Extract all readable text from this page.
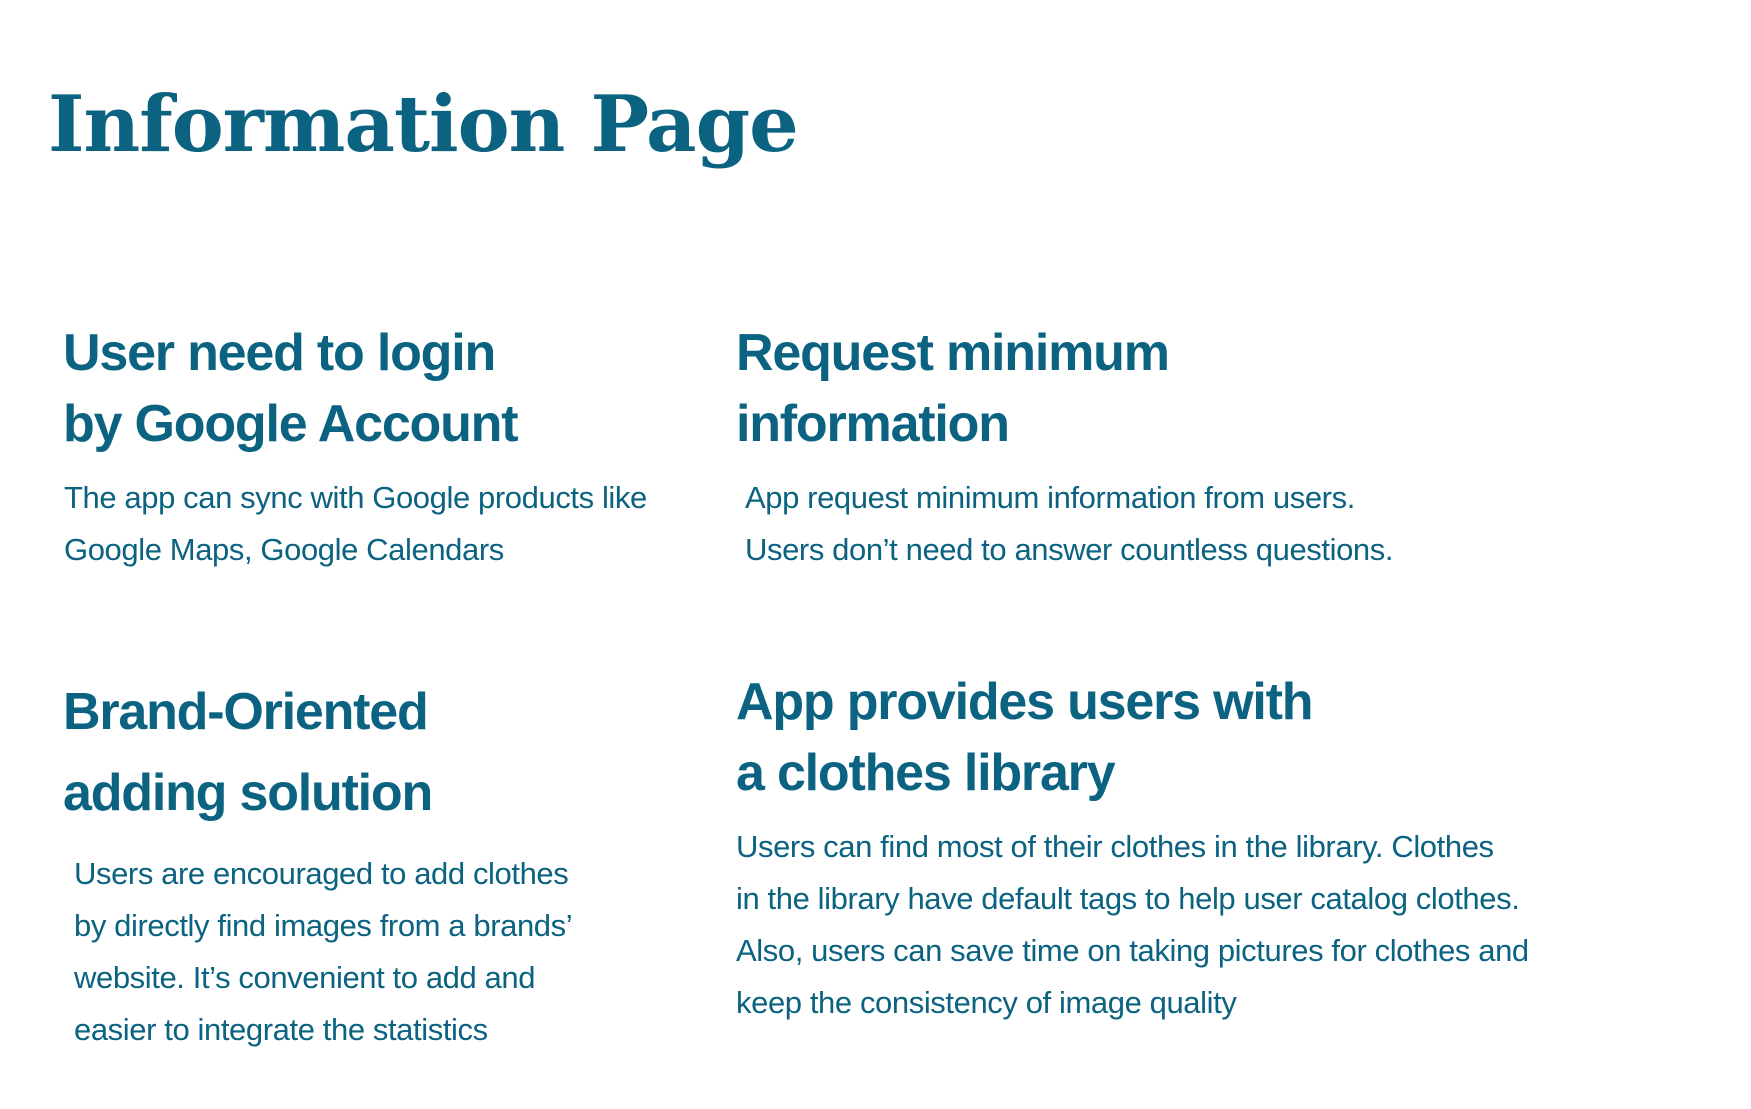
Information Page
User need to login
by Google Account

The app can sync with Google products like
Google Maps, Google Calendars

Request minimum
information

App request minimum information from users.
Users don’t need to answer countless questions.

Brand-Oriented
adding solution

Users are encouraged to add clothes
by directly find images from a brands’
website. It’s convenient to add and
easier to integrate the statistics

App provides users with
a clothes library

Users can find most of their clothes in the library. Clothes
in the library have default tags to help user catalog clothes.
Also, users can save time on taking pictures for clothes and
keep the consistency of image quality
